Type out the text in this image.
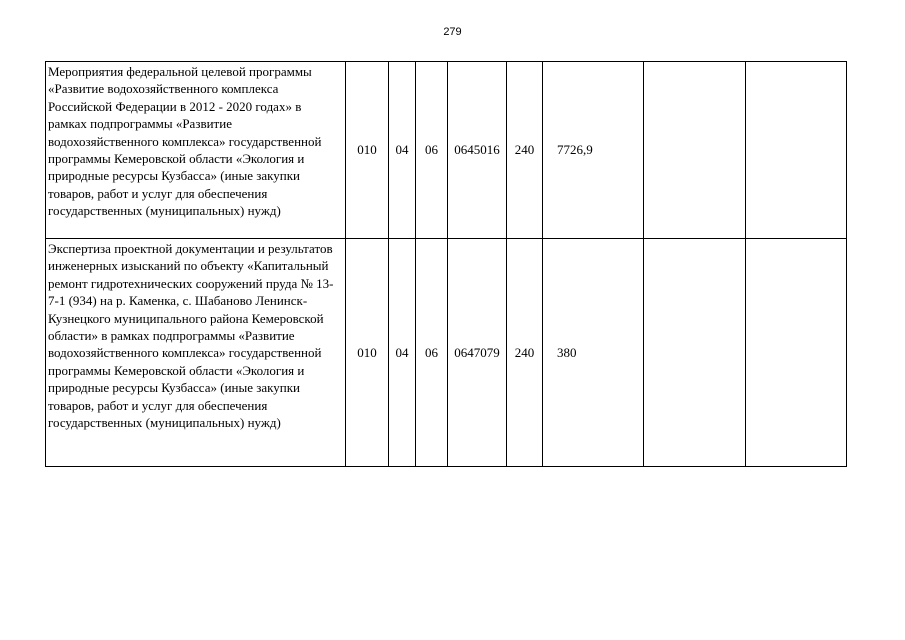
279
Мероприятия федеральной целевой программы «Развитие водохозяйственного комплекса Российской Федерации в 2012 - 2020 годах» в рамках подпрограммы «Развитие водохозяйственного комплекса» государственной программы Кемеровской области «Экология и природные ресурсы Кузбасса» (иные закупки товаров, работ и услуг для обеспечения государственных (муниципальных) нужд)	010	04	06	0645016	240	7726,9		
Экспертиза проектной документации и результатов инженерных изысканий по объекту «Капитальный ремонт гидротехнических сооружений пруда № 13-7-1 (934) на р. Каменка, с. Шабаново Ленинск-Кузнецкого муниципального района Кемеровской области» в рамках подпрограммы «Развитие водохозяйственного комплекса» государственной программы Кемеровской области «Экология и природные ресурсы Кузбасса» (иные закупки товаров, работ и услуг для обеспечения государственных (муниципальных) нужд)	010	04	06	0647079	240	380		
